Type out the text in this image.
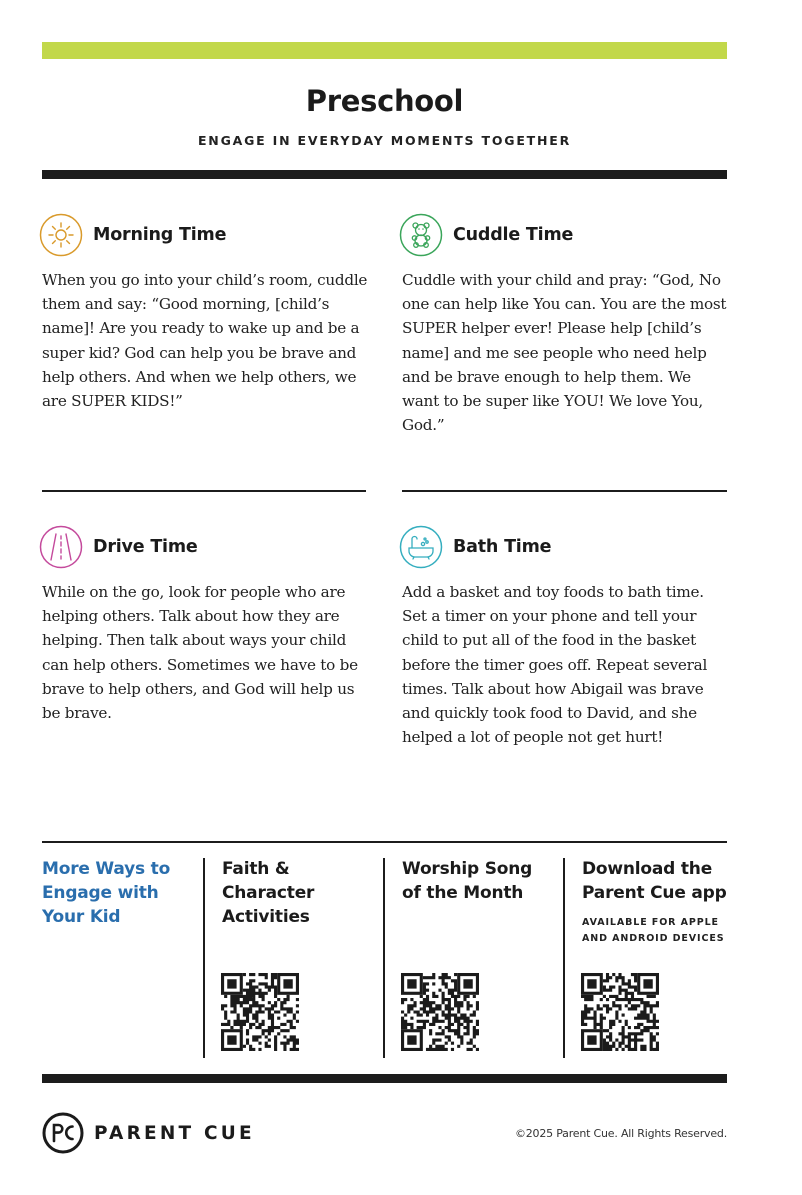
Preschool
ENGAGE IN EVERYDAY MOMENTS TOGETHER
Morning Time
When you go into your child’s room, cuddle them and say: “Good morning, [child’s name]! Are you ready to wake up and be a super kid? God can help you be brave and help others. And when we help others, we are SUPER KIDS!”
Cuddle Time
Cuddle with your child and pray: “God, No one can help like You can. You are the most SUPER helper ever! Please help [child’s name] and me see people who need help and be brave enough to help them. We want to be super like YOU! We love You, God.”
Drive Time
While on the go, look for people who are helping others. Talk about how they are helping. Then talk about ways your child can help others. Sometimes we have to be brave to help others, and God will help us be brave.
Bath Time
Add a basket and toy foods to bath time. Set a timer on your phone and tell your child to put all of the food in the basket before the timer goes off. Repeat several times. Talk about how Abigail was brave and quickly took food to David, and she helped a lot of people not get hurt!
More Ways to Engage with Your Kid
Faith & Character Activities
Worship Song of the Month
Download the Parent Cue app
AVAILABLE FOR APPLE AND ANDROID DEVICES
PARENT CUE	©2025 Parent Cue. All Rights Reserved.
